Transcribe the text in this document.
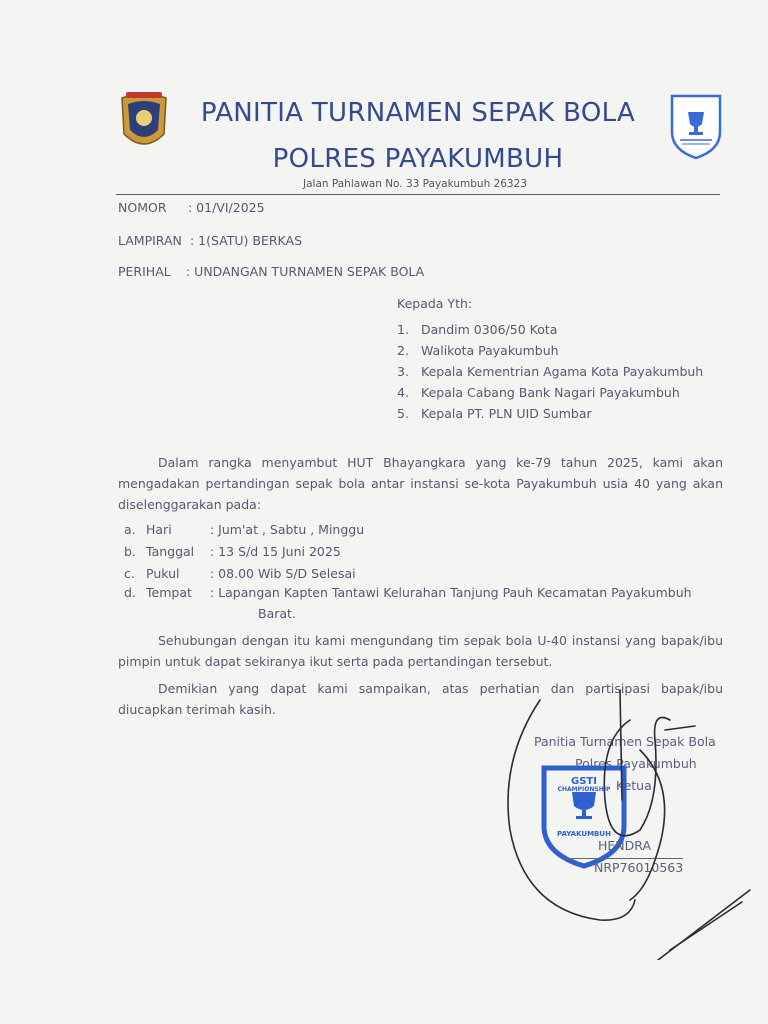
PANITIA TURNAMEN SEPAK BOLA
POLRES PAYAKUMBUH
Jalan Pahlawan No. 33 Payakumbuh 26323
NOMOR : 01/VI/2025
LAMPIRAN : 1(SATU) BERKAS
PERIHAL : UNDANGAN TURNAMEN SEPAK BOLA
Kepada Yth:
1. Dandim 0306/50 Kota
2. Walikota Payakumbuh
3. Kepala Kementrian Agama Kota Payakumbuh
4. Kepala Cabang Bank Nagari Payakumbuh
5. Kepala PT. PLN UID Sumbar
Dalam rangka menyambut HUT Bhayangkara yang ke-79 tahun 2025, kami akan mengadakan pertandingan sepak bola antar instansi se-kota Payakumbuh usia 40 yang akan diselenggarakan pada:
a. Hari	: Jum'at , Sabtu , Minggu
b. Tanggal : 13 S/d 15 Juni 2025
c. Pukul : 08.00 Wib S/D Selesai
d. Tempat : Lapangan Kapten Tantawi Kelurahan Tanjung Pauh Kecamatan Payakumbuh
Barat.
Sehubungan dengan itu kami mengundang tim sepak bola U-40 instansi yang bapak/ibu pimpin untuk dapat sekiranya ikut serta pada pertandingan tersebut.
Demikian yang dapat kami sampaikan, atas perhatian dan partisipasi bapak/ibu diucapkan terimah kasih.
Panitia Turnamen Sepak Bola
Polres Payakumbuh
Ketua
GSTI
CHAMPIONSHIP
PAYAKUMBUH
HENDRA
NRP76010563
